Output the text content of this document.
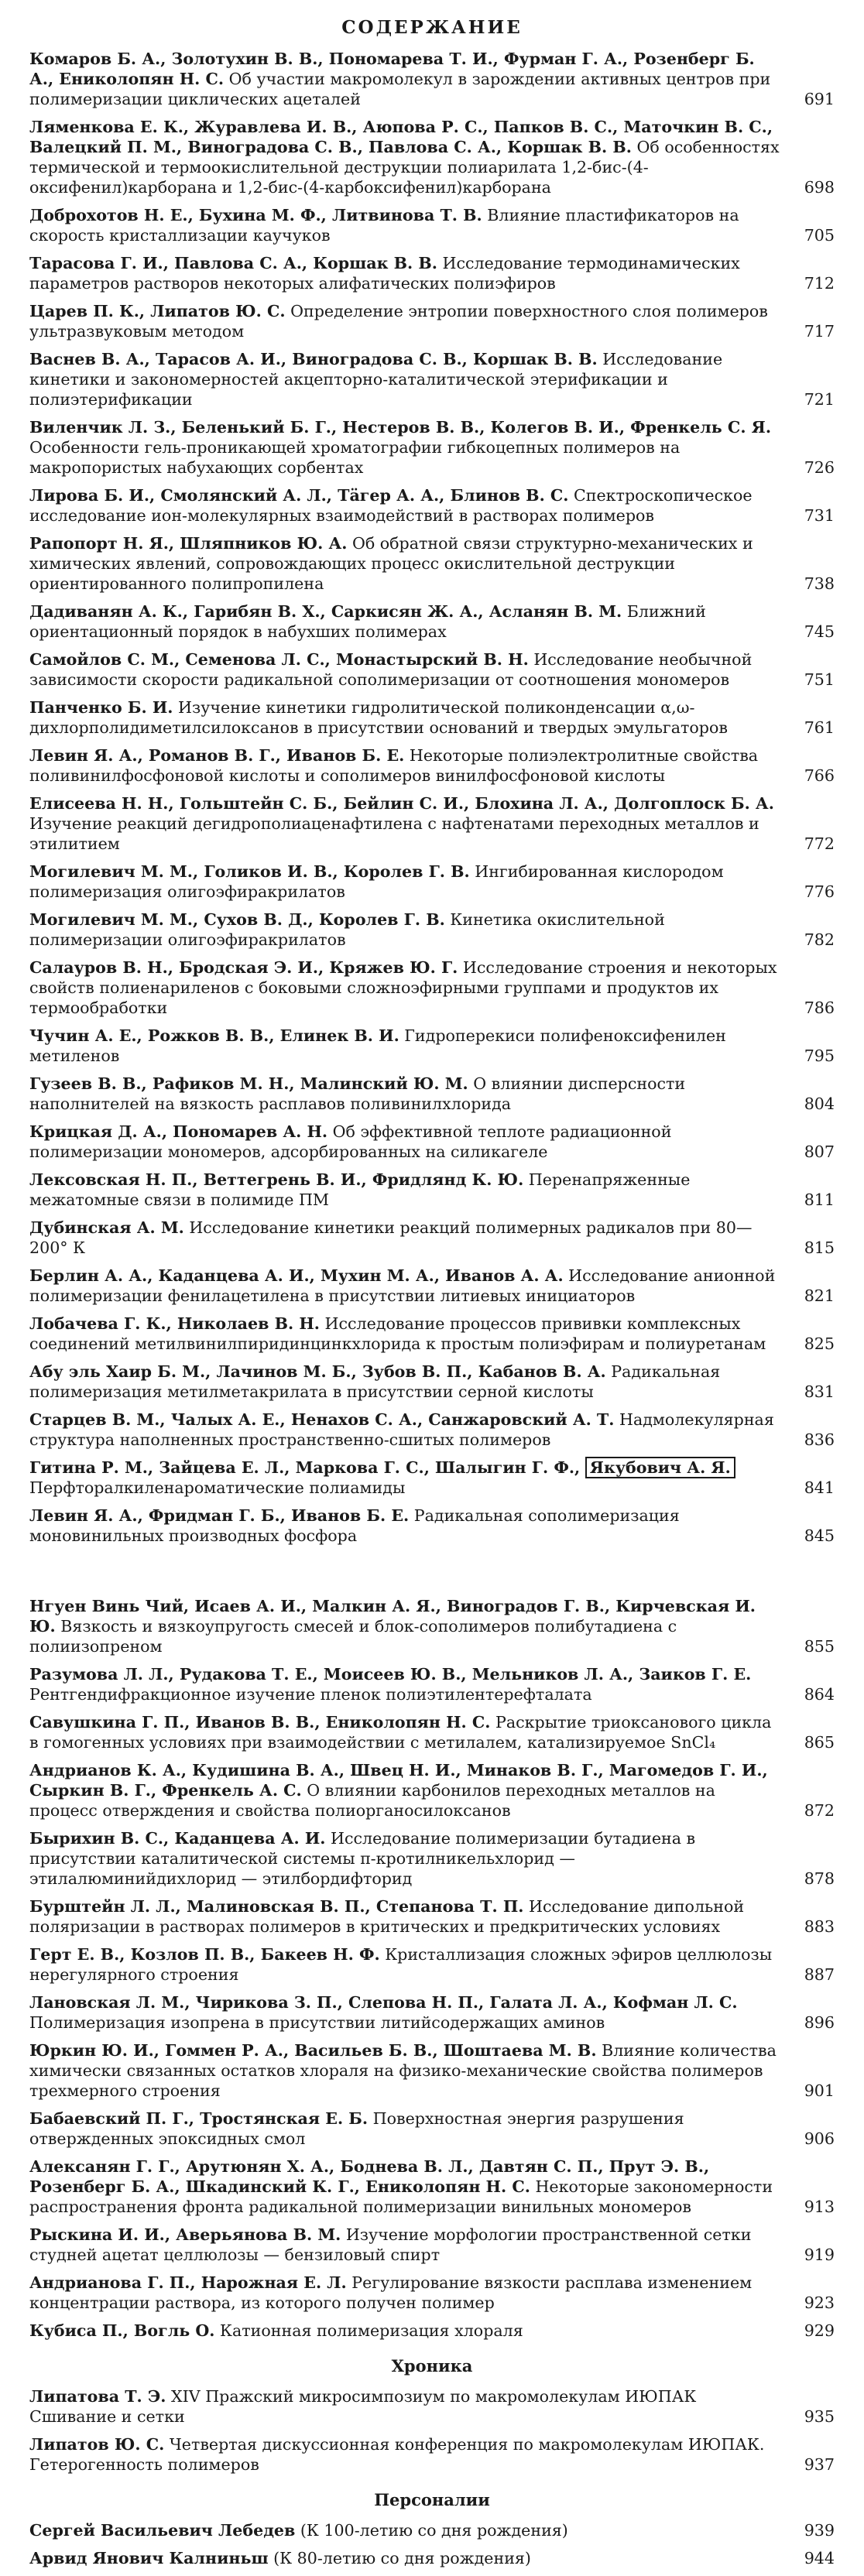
СОДЕРЖАНИЕ
Комаров Б. А., Золотухин В. В., Пономарева Т. И., Фурман Г. А., Розенберг Б. А., Ениколопян Н. С. Об участии макромолекул в зарождении активных центров при полимеризации циклических ацеталей	691
Ляменкова Е. К., Журавлева И. В., Аюпова Р. С., Папков В. С., Маточкин В. С., Валецкий П. М., Виноградова С. В., Павлова С. А., Коршак В. В. Об особенностях термической и термоокислительной деструкции полиарилата 1,2-бис-(4-оксифенил)карборана и 1,2-бис-(4-карбоксифенил)карборана	698
Доброхотов Н. Е., Бухина М. Ф., Литвинова Т. В. Влияние пластификаторов на скорость кристаллизации каучуков	705
Тарасова Г. И., Павлова С. А., Коршак В. В. Исследование термодинамических параметров растворов некоторых алифатических полиэфиров	712
Царев П. К., Липатов Ю. С. Определение энтропии поверхностного слоя полимеров ультразвуковым методом	717
Васнев В. А., Тарасов А. И., Виноградова С. В., Коршак В. В. Исследование кинетики и закономерностей акцепторно-каталитической этерификации и полиэтерификации	721
Виленчик Л. З., Беленький Б. Г., Нестеров В. В., Колегов В. И., Френкель С. Я. Особенности гель-проникающей хроматографии гибкоцепных полимеров на макропористых набухающих сорбентах	726
Лирова Б. И., Смолянский А. Л., Тäгер А. А., Блинов В. С. Спектроскопическое исследование ион-молекулярных взаимодействий в растворах полимеров	731
Рапопорт Н. Я., Шляпников Ю. А. Об обратной связи структурно-механических и химических явлений, сопровождающих процесс окислительной деструкции ориентированного полипропилена	738
Дадиванян А. К., Гарибян В. Х., Саркисян Ж. А., Асланян В. М. Ближний ориентационный порядок в набухших полимерах	745
Самойлов С. М., Семенова Л. С., Монастырский В. Н. Исследование необычной зависимости скорости радикальной сополимеризации от соотношения мономеров	751
Панченко Б. И. Изучение кинетики гидролитической поликонденсации α,ω-дихлорполидиметилсилоксанов в присутствии оснований и твердых эмульгаторов	761
Левин Я. А., Романов В. Г., Иванов Б. Е. Некоторые полиэлектролитные свойства поливинилфосфоновой кислоты и сополимеров винилфосфоновой кислоты	766
Елисеева Н. Н., Гольштейн С. Б., Бейлин С. И., Блохина Л. А., Долгоплоск Б. А. Изучение реакций дегидрополиаценафтилена с нафтенатами переходных металлов и этилитием	772
Могилевич М. М., Голиков И. В., Королев Г. В. Ингибированная кислородом полимеризация олигоэфиракрилатов	776
Могилевич М. М., Сухов В. Д., Королев Г. В. Кинетика окислительной полимеризации олигоэфиракрилатов	782
Салауров В. Н., Бродская Э. И., Кряжев Ю. Г. Исследование строения и некоторых свойств полиенариленов с боковыми сложноэфирными группами и продуктов их термообработки	786
Чучин А. Е., Рожков В. В., Елинек В. И. Гидроперекиси полифеноксифенилен метиленов	795
Гузеев В. В., Рафиков М. Н., Малинский Ю. М. О влиянии дисперсности наполнителей на вязкость расплавов поливинилхлорида	804
Крицкая Д. А., Пономарев А. Н. Об эффективной теплоте радиационной полимеризации мономеров, адсорбированных на силикагеле	807
Лексовская Н. П., Веттегрень В. И., Фридлянд К. Ю. Перенапряженные межатомные связи в полимиде ПМ	811
Дубинская А. М. Исследование кинетики реакций полимерных радикалов при 80—200° К	815
Берлин А. А., Каданцева А. И., Мухин М. А., Иванов А. А. Исследование анионной полимеризации фенилацетилена в присутствии литиевых инициаторов	821
Лобачева Г. К., Николаев В. Н. Исследование процессов прививки комплексных соединений метилвинилпиридинцинкхлорида к простым полиэфирам и полиуретанам	825
Абу эль Хаир Б. М., Лачинов М. Б., Зубов В. П., Кабанов В. А. Радикальная полимеризация метилметакрилата в присутствии серной кислоты	831
Старцев В. М., Чалых А. Е., Ненахов С. А., Санжаровский А. Т. Надмолекулярная структура наполненных пространственно-сшитых полимеров	836
Гитина Р. М., Зайцева Е. Л., Маркова Г. С., Шалыгин Г. Ф., Якубович А. Я.
Перфторалкиленароматические полиамиды	841
Левин Я. А., Фридман Г. Б., Иванов Б. Е. Радикальная сополимеризация моновинильных производных фосфора	845
Нгуен Винь Чий, Исаев А. И., Малкин А. Я., Виноградов Г. В., Кирчевская И. Ю. Вязкость и вязкоупругость смесей и блок-сополимеров полибутадиена с полиизопреном	855
Разумова Л. Л., Рудакова Т. Е., Моисеев Ю. В., Мельников Л. А., Заиков Г. Е. Рентгендифракционное изучение пленок полиэтилентерефталата	864
Савушкина Г. П., Иванов В. В., Ениколопян Н. С. Раскрытие триоксанового цикла в гомогенных условиях при взаимодействии с метилалем, катализируемое SnCl₄	865
Андрианов К. А., Кудишина В. А., Швец Н. И., Минаков В. Г., Магомедов Г. И., Сыркин В. Г., Френкель А. С. О влиянии карбонилов переходных металлов на процесс отверждения и свойства полиорганосилоксанов	872
Бырихин В. С., Каданцева А. И. Исследование полимеризации бутадиена в присутствии каталитической системы π-кротилникельхлорид — этилалюминийдихлорид — этилбордифторид	878
Бурштейн Л. Л., Малиновская В. П., Степанова Т. П. Исследование дипольной поляризации в растворах полимеров в критических и предкритических условиях	883
Герт Е. В., Козлов П. В., Бакеев Н. Ф. Кристаллизация сложных эфиров целлюлозы нерегулярного строения	887
Лановская Л. М., Чирикова З. П., Слепова Н. П., Галата Л. А., Кофман Л. С. Полимеризация изопрена в присутствии литийсодержащих аминов	896
Юркин Ю. И., Гоммен Р. А., Васильев Б. В., Шоштаева М. В. Влияние количества химически связанных остатков хлораля на физико-механические свойства полимеров трехмерного строения	901
Бабаевский П. Г., Тростянская Е. Б. Поверхностная энергия разрушения отвержденных эпоксидных смол	906
Алексанян Г. Г., Арутюнян Х. А., Боднева В. Л., Давтян С. П., Прут Э. В., Розенберг Б. А., Шкадинский К. Г., Ениколопян Н. С. Некоторые закономерности распространения фронта радикальной полимеризации винильных мономеров	913
Рыскина И. И., Аверьянова В. М. Изучение морфологии пространственной сетки студней ацетат целлюлозы — бензиловый спирт	919
Андрианова Г. П., Нарожная Е. Л. Регулирование вязкости расплава изменением концентрации раствора, из которого получен полимер	923
Кубиса П., Вогль О. Катионная полимеризация хлораля	929
Хроника
Липатова Т. Э. XIV Пражский микросимпозиум по макромолекулам ИЮПАК Сшивание и сетки	935
Липатов Ю. С. Четвертая дискуссионная конференция по макромолекулам ИЮПАК. Гетерогенность полимеров	937
Персоналии
Сергей Васильевич Лебедев (К 100-летию со дня рождения)	939
Арвид Янович Калниньш (К 80-летию со дня рождения)	944
